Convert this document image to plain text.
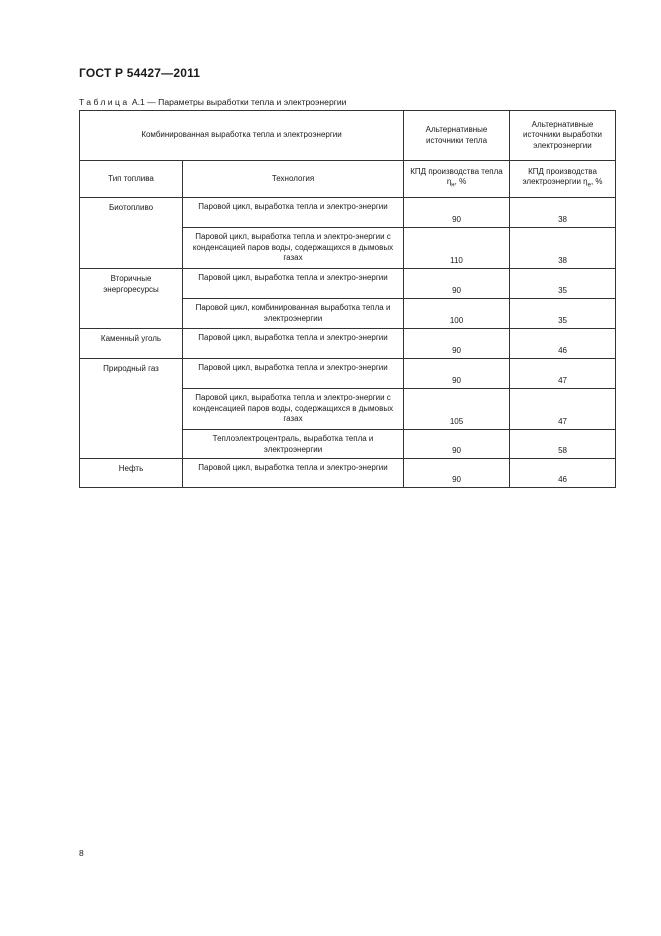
ГОСТ Р 54427—2011
Таблица А.1 — Параметры выработки тепла и электроэнергии
Комбинированная выработка тепла и электроэнергии		Альтернативные источники тепла	Альтернативные источники выработки электроэнергии
Тип топлива	Технология	КПД производства тепла $\eta_н$, %	КПД производства электроэнергии $\eta_е$, %
Биотопливо	Паровой цикл, выработка тепла и электро-энергии	90	38
	Паровой цикл, выработка тепла и электро-энергии с конденсацией паров воды, содержащихся в дымовых газах	110	38
Вторичные энергоресурсы	Паровой цикл, выработка тепла и электро-энергии	90	35
	Паровой цикл, комбинированная выработка тепла и электроэнергии	100	35
Каменный уголь	Паровой цикл, выработка тепла и электро-энергии	90	46
Природный газ	Паровой цикл, выработка тепла и электро-энергии	90	47
	Паровой цикл, выработка тепла и электро-энергии с конденсацией паров воды, содержащихся в дымовых газах	105	47
	Теплоэлектроцентраль, выработка тепла и электроэнергии	90	58
Нефть	Паровой цикл, выработка тепла и электро-энергии	90	46
8
